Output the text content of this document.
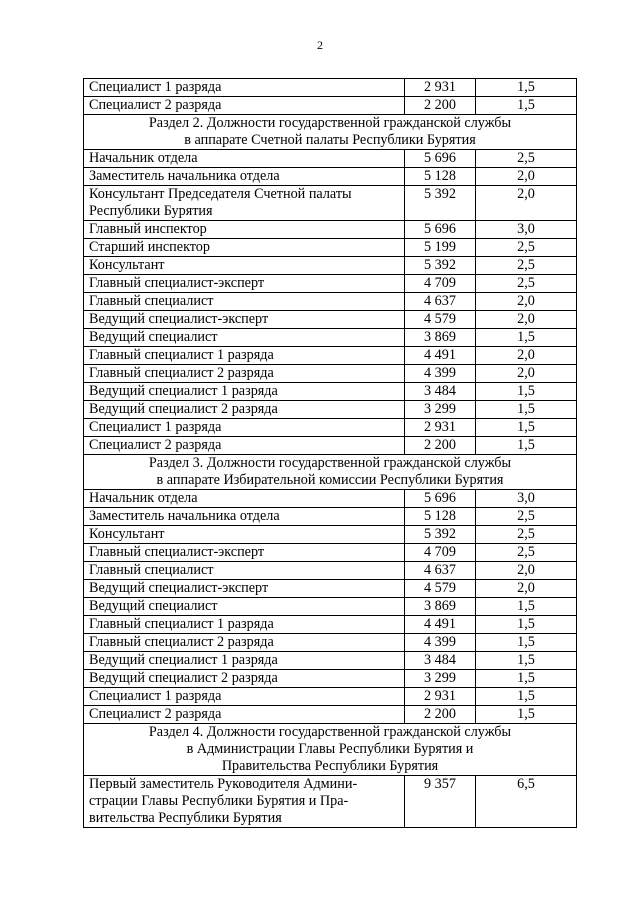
2
Специалист 1 разряда	2 931	1,5

Специалист 2 разряда	2 200	1,5

Раздел 2. Должности государственной гражданской службы
в аппарате Счетной палаты Республики Бурятия		

Начальник отдела	5 696	2,5

Заместитель начальника отдела	5 128	2,0

Консультант Председателя Счетной палаты
Республики Бурятия	5 392	2,0

Главный инспектор	5 696	3,0

Старший инспектор	5 199	2,5

Консультант	5 392	2,5

Главный специалист-эксперт	4 709	2,5

Главный специалист	4 637	2,0

Ведущий специалист-эксперт	4 579	2,0

Ведущий специалист	3 869	1,5

Главный специалист 1 разряда	4 491	2,0

Главный специалист 2 разряда	4 399	2,0

Ведущий специалист 1 разряда	3 484	1,5

Ведущий специалист 2 разряда	3 299	1,5

Специалист 1 разряда	2 931	1,5

Специалист 2 разряда	2 200	1,5

Раздел 3. Должности государственной гражданской службы
в аппарате Избирательной комиссии Республики Бурятия		

Начальник отдела	5 696	3,0

Заместитель начальника отдела	5 128	2,5

Консультант	5 392	2,5

Главный специалист-эксперт	4 709	2,5

Главный специалист	4 637	2,0

Ведущий специалист-эксперт	4 579	2,0

Ведущий специалист	3 869	1,5

Главный специалист 1 разряда	4 491	1,5

Главный специалист 2 разряда	4 399	1,5

Ведущий специалист 1 разряда	3 484	1,5

Ведущий специалист 2 разряда	3 299	1,5

Специалист 1 разряда	2 931	1,5

Специалист 2 разряда	2 200	1,5

Раздел 4. Должности государственной гражданской службы
в Администрации Главы Республики Бурятия и
Правительства Республики Бурятия		

Первый заместитель Руководителя Админи-
страции Главы Республики Бурятия и Пра-
вительства Республики Бурятия	9 357	6,5
